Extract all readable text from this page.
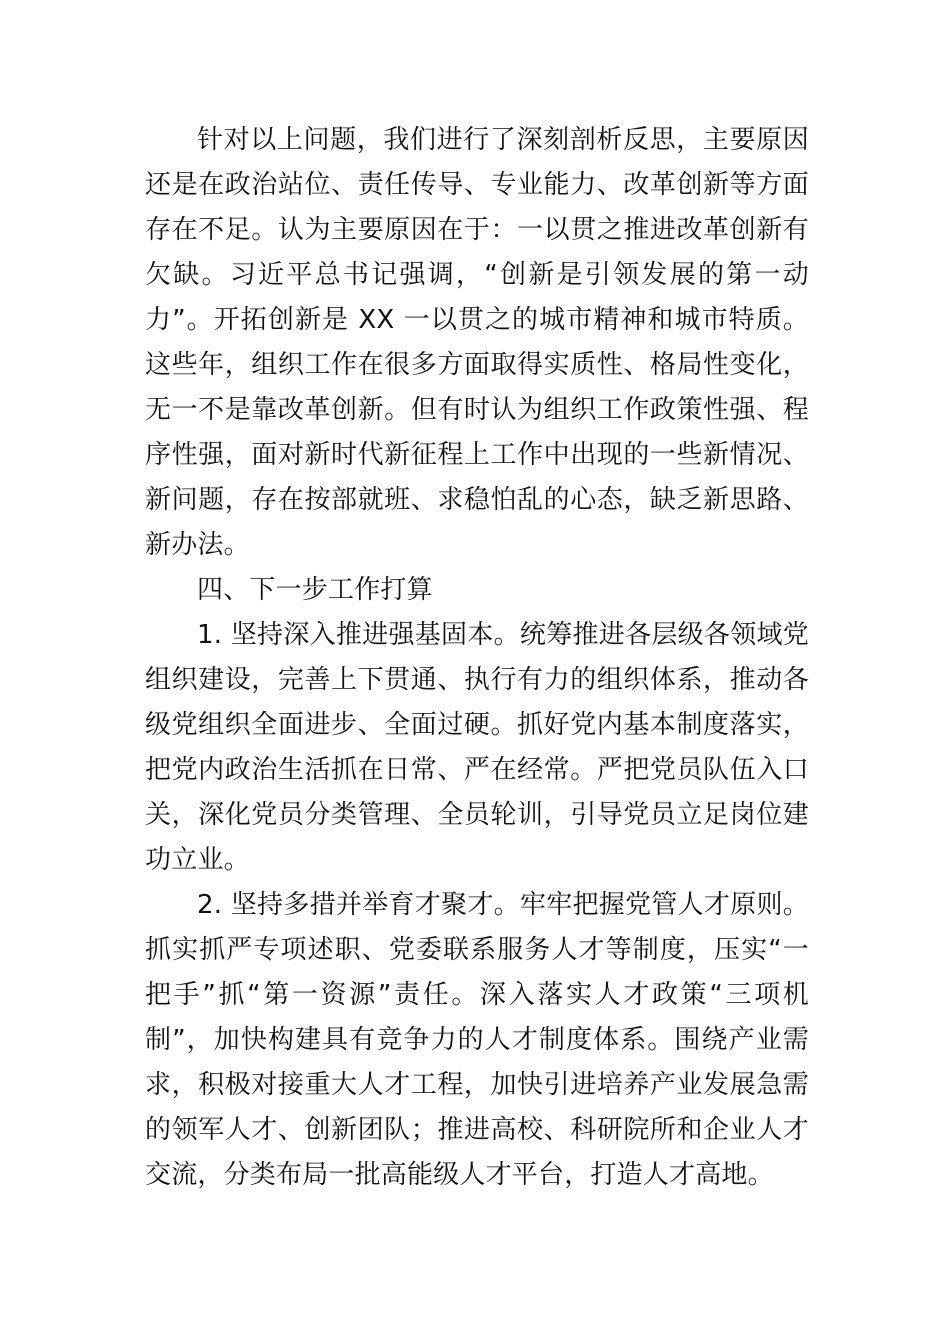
针对以上问题，我们进行了深刻剖析反思，主要原因还是在政治站位、责任传导、专业能力、改革创新等方面存在不足。认为主要原因在于：一以贯之推进改革创新有欠缺。习近平总书记强调，“创新是引领发展的第一动力”。开拓创新是 XX 一以贯之的城市精神和城市特质。这些年，组织工作在很多方面取得实质性、格局性变化，无一不是靠改革创新。但有时认为组织工作政策性强、程序性强，面对新时代新征程上工作中出现的一些新情况、新问题，存在按部就班、求稳怕乱的心态，缺乏新思路、新办法。

四、下一步工作打算

1. 坚持深入推进强基固本。统筹推进各层级各领域党组织建设，完善上下贯通、执行有力的组织体系，推动各级党组织全面进步、全面过硬。抓好党内基本制度落实，把党内政治生活抓在日常、严在经常。严把党员队伍入口关，深化党员分类管理、全员轮训，引导党员立足岗位建功立业。

2. 坚持多措并举育才聚才。牢牢把握党管人才原则。抓实抓严专项述职、党委联系服务人才等制度，压实“一把手”抓“第一资源”责任。深入落实人才政策“三项机制”，加快构建具有竞争力的人才制度体系。围绕产业需求，积极对接重大人才工程，加快引进培养产业发展急需的领军人才、创新团队；推进高校、科研院所和企业人才交流，分类布局一批高能级人才平台，打造人才高地。
